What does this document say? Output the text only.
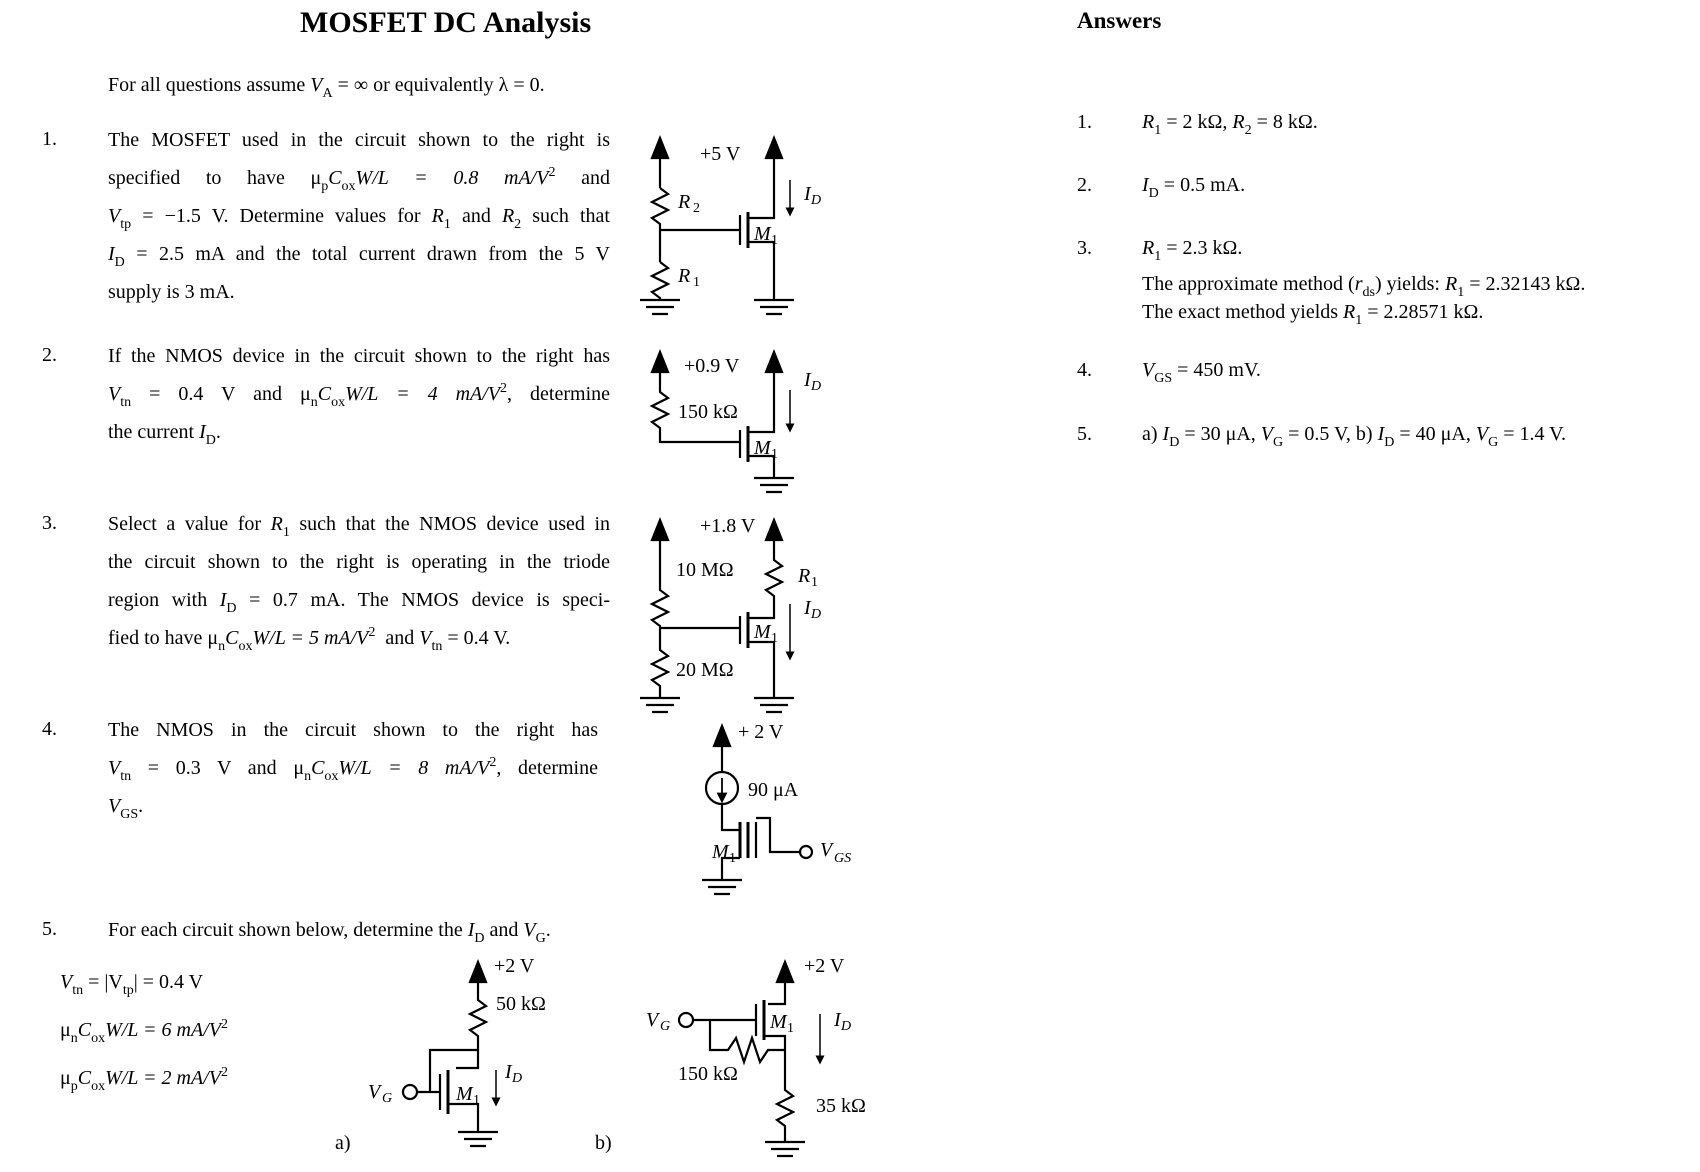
MOSFET DC Analysis	Answers
For all questions assume $V_A$ = ∞ or equivalently λ = 0.
1.	The MOSFET used in the circuit shown to the right is
specified to have $\mu_pC_{ox}W/L = 0.8$ $mA/V^2$ and
$V_{tp} = -1.5$ V. Determine values for $R_1$ and $R_2$ such that
$I_D = 2.5$ mA and the total current drawn from the 5 V
supply is 3 mA.
2.	If the NMOS device in the circuit shown to the right has
$V_{tn} = 0.4$ V and $\mu_nC_{ox}W/L = 4$ $mA/V^2$, determine
the current $I_D$.
3.	Select a value for $R_1$ such that the NMOS device used in
the circuit shown to the right is operating in the triode
region with $I_D = 0.7$ mA. The NMOS device is speci-
fied to have $\mu_nC_{ox}W/L = 5$ $mA/V^2$ and $V_{tn} = 0.4$ V.
4.	The NMOS in the circuit shown to the right has
$V_{tn} = 0.3$ V and $\mu_nC_{ox}W/L = 8$ $mA/V^2$, determine
$V_{GS}$.
5.	For each circuit shown below, determine the $I_D$ and $V_G$.
$V_{tn} = |V_{tp}| = 0.4$ V
$\mu_nC_{ox}W/L = 6$ $mA/V^2$
$\mu_pC_{ox}W/L = 2$ $mA/V^2$
a)	b)
1.	$R_1 = 2$ kΩ, $R_2 = 8$ kΩ.
2.	$I_D = 0.5$ mA.
3.	$R_1 = 2.3$ kΩ.
The approximate method $(r_{ds})$ yields: $R_1 = 2.32143$ kΩ.
The exact method yields $R_1 = 2.28571$ kΩ.
4.	$V_{GS} = 450$ mV.
5.	a) $I_D = 30$ μA, $V_G = 0.5$ V, b) $I_D = 40$ μA, $V_G = 1.4$ V.
+5 V
R 2
R 1
M 1
I D
+0.9 V
150 kΩ
M 1
I D
+1.8 V
10 MΩ
20 MΩ
R 1
M 1
I D
+ 2 V
90 μA
M 1	V GS
+2 V
50 kΩ
M 1
I D
V G
+2 V
150 kΩ
35 kΩ
M 1 I D
V G
